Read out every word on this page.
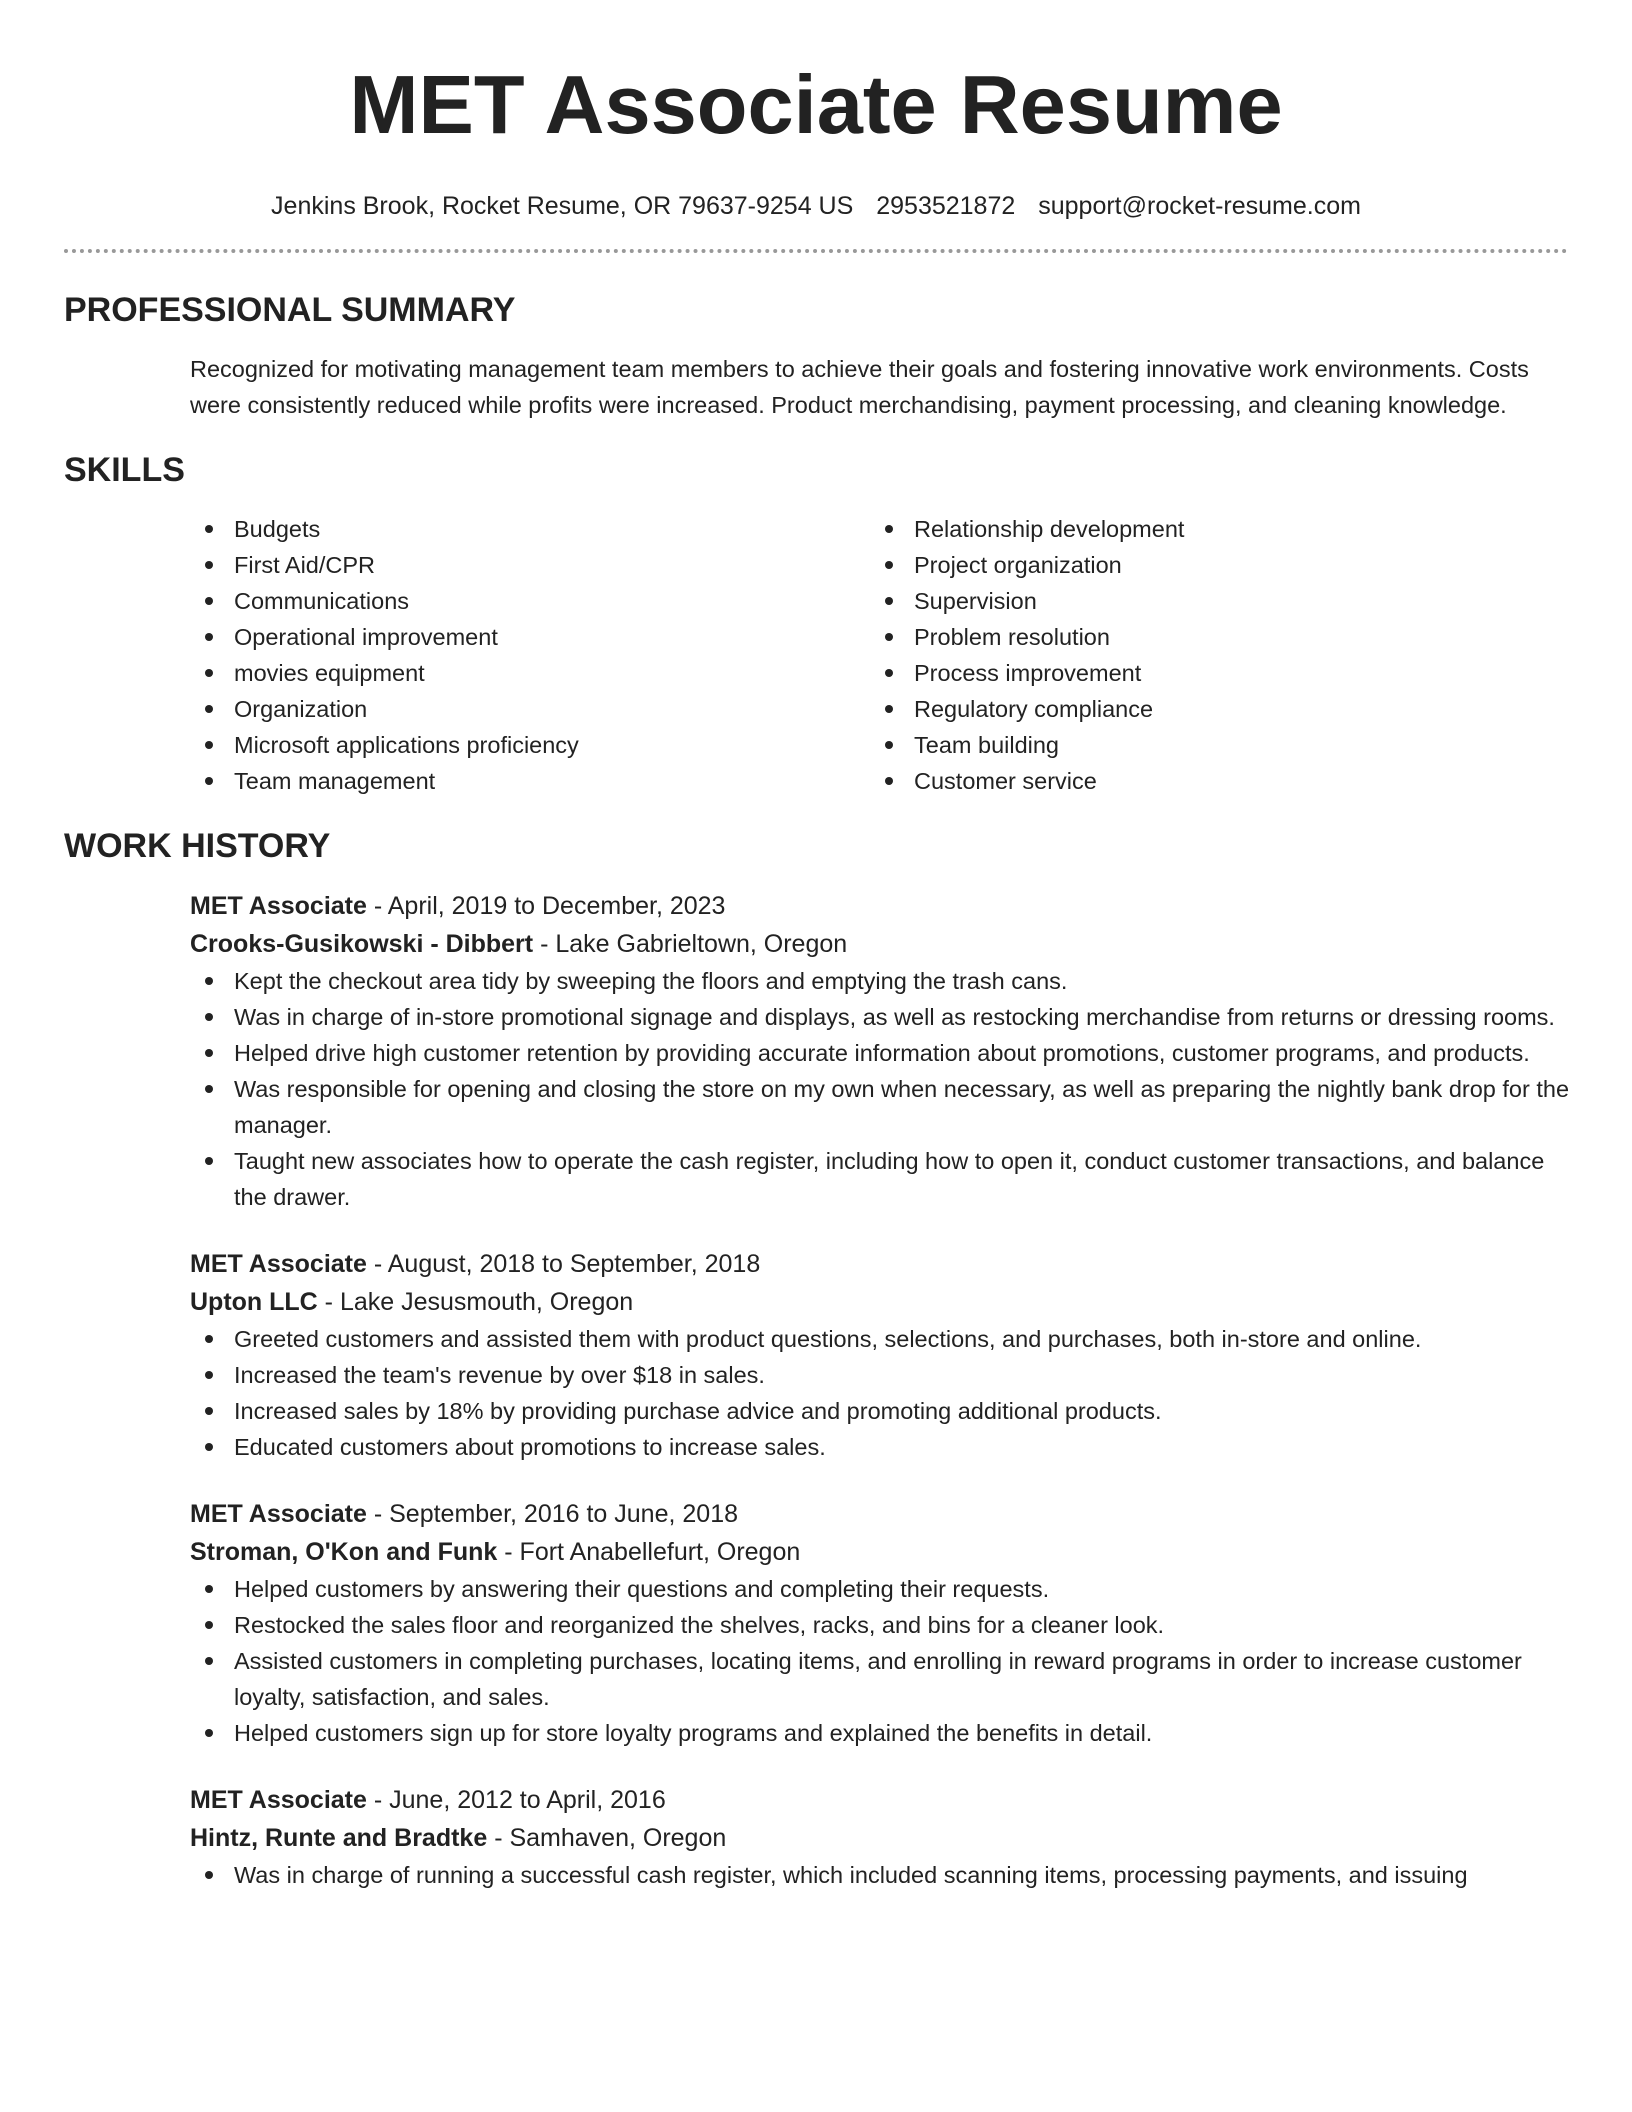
MET Associate Resume
Jenkins Brook, Rocket Resume, OR 79637-9254 US 2953521872 support@rocket-resume.com
PROFESSIONAL SUMMARY

Recognized for motivating management team members to achieve their goals and fostering innovative work environments. Costs were consistently reduced while profits were increased. Product merchandising, payment processing, and cleaning knowledge.

SKILLS
Budgets
First Aid/CPR
Communications
Operational improvement
movies equipment
Organization
Microsoft applications proficiency
Team management
Relationship development
Project organization
Supervision
Problem resolution
Process improvement
Regulatory compliance
Team building
Customer service
WORK HISTORY
MET Associate - April, 2019 to December, 2023
Crooks-Gusikowski - Dibbert - Lake Gabrieltown, Oregon
Kept the checkout area tidy by sweeping the floors and emptying the trash cans.
Was in charge of in-store promotional signage and displays, as well as restocking merchandise from returns or dressing rooms.
Helped drive high customer retention by providing accurate information about promotions, customer programs, and products.
Was responsible for opening and closing the store on my own when necessary, as well as preparing the nightly bank drop for the manager.
Taught new associates how to operate the cash register, including how to open it, conduct customer transactions, and balance the drawer.
MET Associate - August, 2018 to September, 2018
Upton LLC - Lake Jesusmouth, Oregon
Greeted customers and assisted them with product questions, selections, and purchases, both in-store and online.
Increased the team's revenue by over $18 in sales.
Increased sales by 18% by providing purchase advice and promoting additional products.
Educated customers about promotions to increase sales.
MET Associate - September, 2016 to June, 2018
Stroman, O'Kon and Funk - Fort Anabellefurt, Oregon
Helped customers by answering their questions and completing their requests.
Restocked the sales floor and reorganized the shelves, racks, and bins for a cleaner look.
Assisted customers in completing purchases, locating items, and enrolling in reward programs in order to increase customer loyalty, satisfaction, and sales.
Helped customers sign up for store loyalty programs and explained the benefits in detail.
MET Associate - June, 2012 to April, 2016
Hintz, Runte and Bradtke - Samhaven, Oregon
Was in charge of running a successful cash register, which included scanning items, processing payments, and issuing
